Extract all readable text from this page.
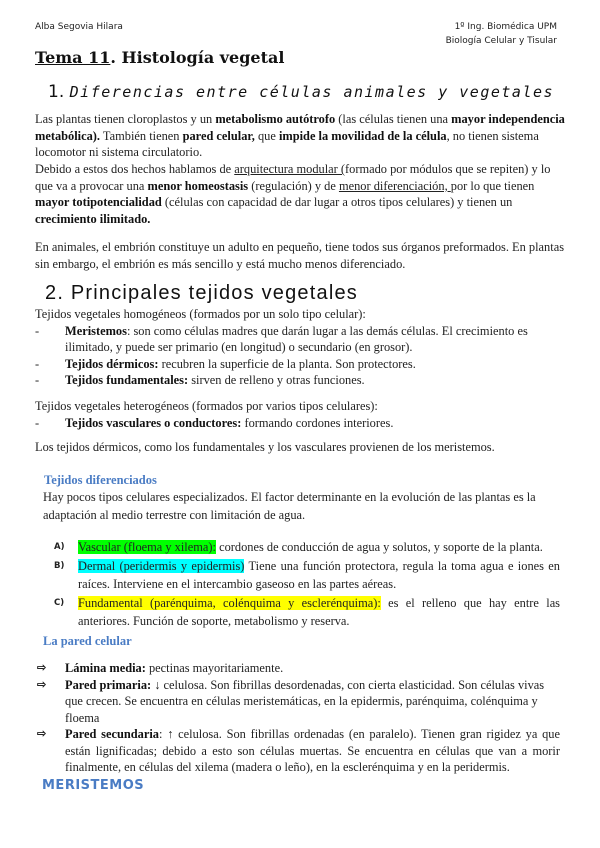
Alba Segovia Hilara	1º Ing. Biomédica UPM
Biología Celular y Tisular
Tema 11. Histología vegetal
1. Diferencias entre células animales y vegetales
Las plantas tienen cloroplastos y un metabolismo autótrofo (las células tienen una mayor independencia metabólica). También tienen pared celular, que impide la movilidad de la célula, no tienen sistema locomotor ni sistema circulatorio.
Debido a estos dos hechos hablamos de arquitectura modular (formado por módulos que se repiten) y lo que va a provocar una menor homeostasis (regulación) y de menor diferenciación, por lo que tienen mayor totipotencialidad (células con capacidad de dar lugar a otros tipos celulares) y tienen un crecimiento ilimitado.
En animales, el embrión constituye un adulto en pequeño, tiene todos sus órganos preformados. En plantas sin embargo, el embrión es más sencillo y está mucho menos diferenciado.
2. Principales tejidos vegetales
Tejidos vegetales homogéneos (formados por un solo tipo celular):
- Meristemos: son como células madres que darán lugar a las demás células. El crecimiento es ilimitado, y puede ser primario (en longitud) o secundario (en grosor).
- Tejidos dérmicos: recubren la superficie de la planta. Son protectores.
- Tejidos fundamentales: sirven de relleno y otras funciones.
Tejidos vegetales heterogéneos (formados por varios tipos celulares):
- Tejidos vasculares o conductores: formando cordones interiores.
Los tejidos dérmicos, como los fundamentales y los vasculares provienen de los meristemos.
Tejidos diferenciados
Hay pocos tipos celulares especializados. El factor determinante en la evolución de las plantas es la adaptación al medio terrestre con limitación de agua.
A) Vascular (floema y xilema): cordones de conducción de agua y solutos, y soporte de la planta.
B) Dermal (peridermis y epidermis) Tiene una función protectora, regula la toma agua e iones en raíces. Interviene en el intercambio gaseoso en las partes aéreas.
C) Fundamental (parénquima, colénquima y esclerénquima): es el relleno que hay entre las anteriores. Función de soporte, metabolismo y reserva.
La pared celular
⇨ Lámina media: pectinas mayoritariamente.
⇨ Pared primaria: ↓ celulosa. Son fibrillas desordenadas, con cierta elasticidad. Son células vivas que crecen. Se encuentra en células meristemáticas, en la epidermis, parénquima, colénquima y floema
⇨ Pared secundaria: ↑ celulosa. Son fibrillas ordenadas (en paralelo). Tienen gran rigidez ya que están lignificadas; debido a esto son células muertas. Se encuentra en células que van a morir finalmente, en células del xilema (madera o leño), en la esclerénquima y en la peridermis.
MERISTEMOS
